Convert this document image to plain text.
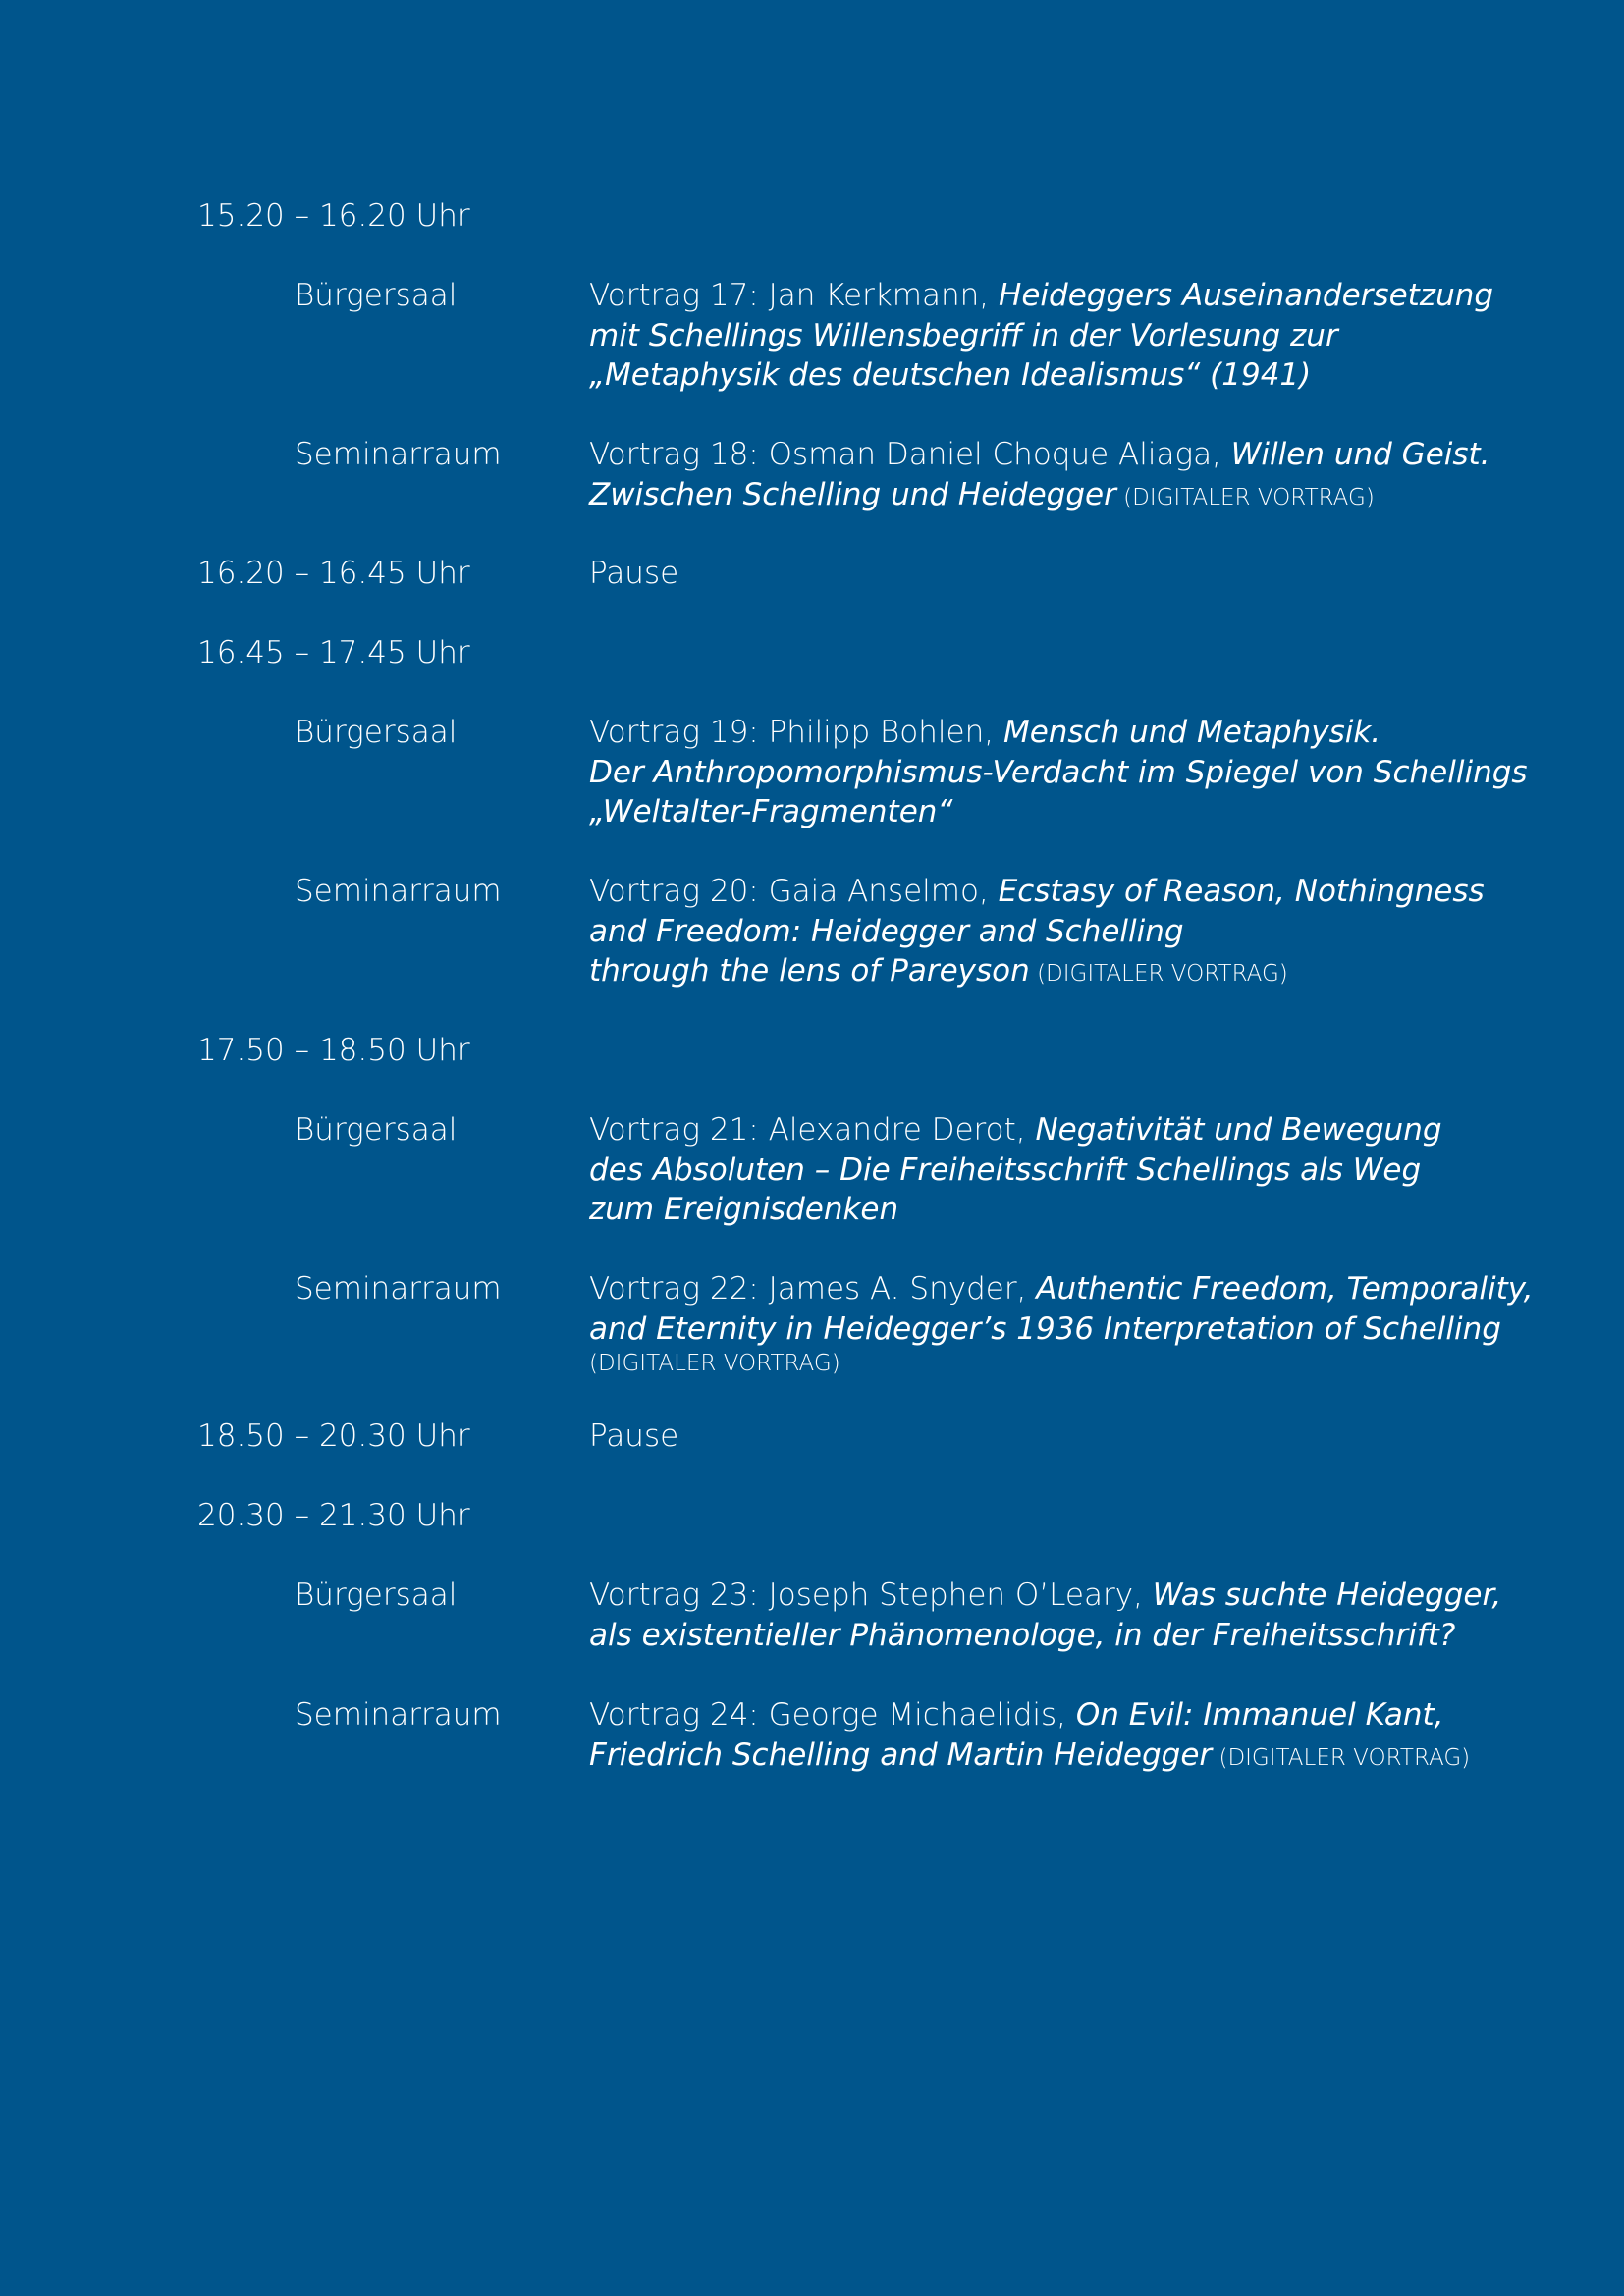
15.20 – 16.20 Uhr
Bürgersaal	Vortrag 17: Jan Kerkmann, Heideggers Auseinandersetzung
mit Schellings Willensbegriff in der Vorlesung zur
„Metaphysik des deutschen Idealismus“ (1941)
Seminarraum	Vortrag 18: Osman Daniel Choque Aliaga, Willen und Geist.
Zwischen Schelling und Heidegger (DIGITALER VORTRAG)
16.20 – 16.45 Uhr	Pause
16.45 – 17.45 Uhr
Bürgersaal	Vortrag 19: Philipp Bohlen, Mensch und Metaphysik.
Der Anthropomorphismus-Verdacht im Spiegel von Schellings
„Weltalter-Fragmenten“
Seminarraum	Vortrag 20: Gaia Anselmo, Ecstasy of Reason, Nothingness
and Freedom: Heidegger and Schelling
through the lens of Pareyson (DIGITALER VORTRAG)
17.50 – 18.50 Uhr
Bürgersaal	Vortrag 21: Alexandre Derot, Negativität und Bewegung
des Absoluten – Die Freiheitsschrift Schellings als Weg
zum Ereignisdenken
Seminarraum	Vortrag 22: James A. Snyder, Authentic Freedom, Temporality,
and Eternity in Heidegger’s 1936 Interpretation of Schelling
(DIGITALER VORTRAG)
18.50 – 20.30 Uhr	Pause
20.30 – 21.30 Uhr
Bürgersaal	Vortrag 23: Joseph Stephen O’Leary, Was suchte Heidegger,
als existentieller Phänomenologe, in der Freiheitsschrift?
Seminarraum	Vortrag 24: George Michaelidis, On Evil: Immanuel Kant,
Friedrich Schelling and Martin Heidegger (DIGITALER VORTRAG)
